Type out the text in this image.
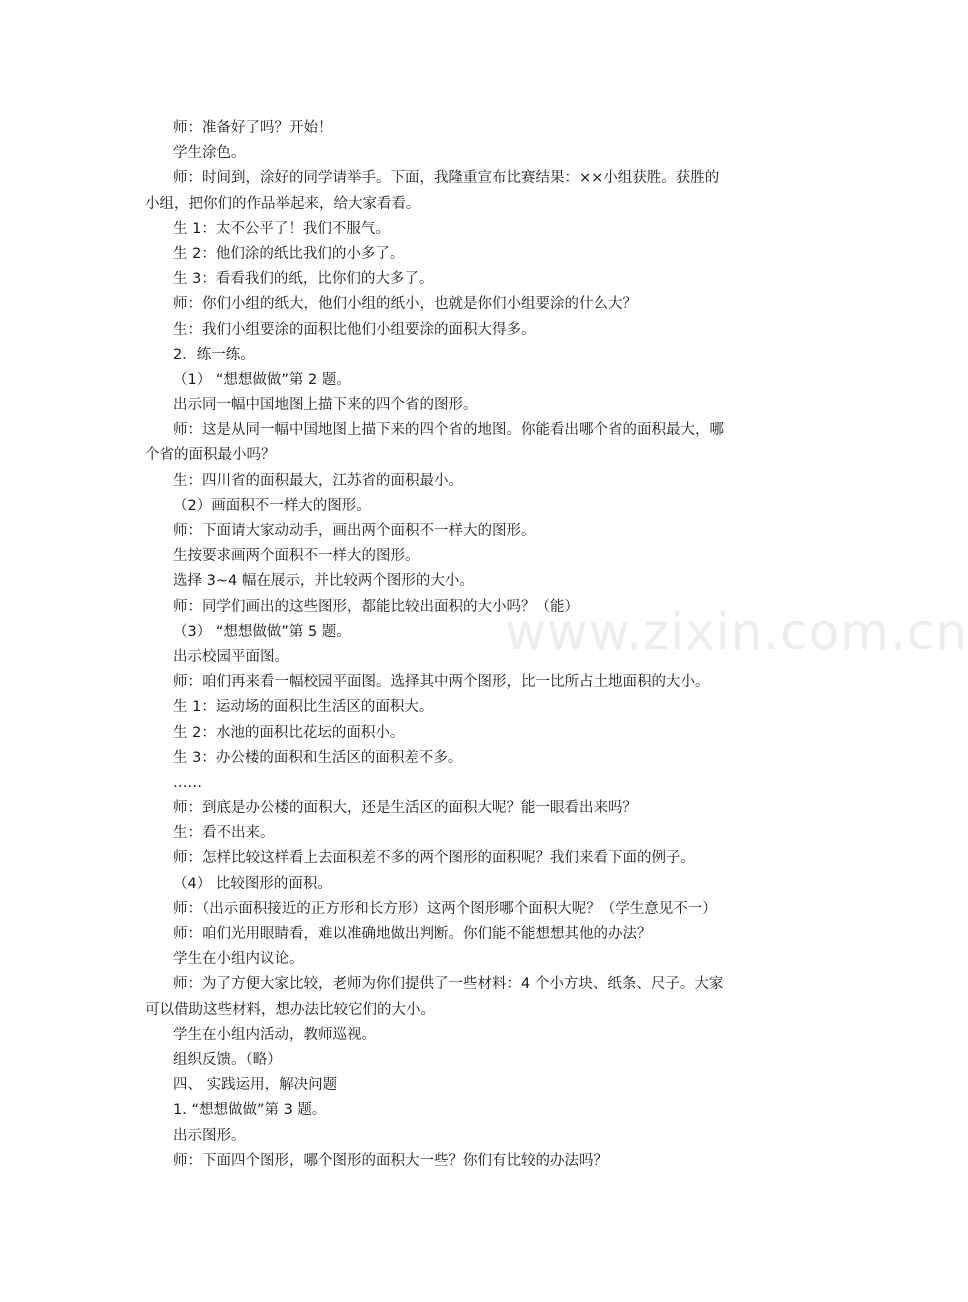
师：准备好了吗？开始！
学生涂色。
师：时间到，涂好的同学请举手。下面，我隆重宣布比赛结果：××小组获胜。获胜的
小组，把你们的作品举起来，给大家看看。
生 1：太不公平了！我们不服气。
生 2：他们涂的纸比我们的小多了。
生 3：看看我们的纸，比你们的大多了。
师：你们小组的纸大，他们小组的纸小，也就是你们小组要涂的什么大？
生：我们小组要涂的面积比他们小组要涂的面积大得多。
2．练一练。
（1） “想想做做”第 2 题。
出示同一幅中国地图上描下来的四个省的图形。
师：这是从同一幅中国地图上描下来的四个省的地图。你能看出哪个省的面积最大，哪
个省的面积最小吗？
生：四川省的面积最大，江苏省的面积最小。
（2）画面积不一样大的图形。
师：下面请大家动动手，画出两个面积不一样大的图形。
生按要求画两个面积不一样大的图形。
选择 3~4 幅在展示，并比较两个图形的大小。
师：同学们画出的这些图形，都能比较出面积的大小吗？（能）
（3） “想想做做”第 5 题。
出示校园平面图。
师：咱们再来看一幅校园平面图。选择其中两个图形，比一比所占土地面积的大小。
生 1：运动场的面积比生活区的面积大。
生 2：水池的面积比花坛的面积小。
生 3：办公楼的面积和生活区的面积差不多。
……
师：到底是办公楼的面积大，还是生活区的面积大呢？能一眼看出来吗？
生：看不出来。
师：怎样比较这样看上去面积差不多的两个图形的面积呢？我们来看下面的例子。
（4） 比较图形的面积。
师：（出示面积接近的正方形和长方形）这两个图形哪个面积大呢？（学生意见不一）
师：咱们光用眼睛看，难以准确地做出判断。你们能不能想想其他的办法？
学生在小组内议论。
师：为了方便大家比较，老师为你们提供了一些材料：4 个小方块、纸条、尺子。大家
可以借助这些材料，想办法比较它们的大小。
学生在小组内活动，教师巡视。
组织反馈。（略）
四、 实践运用，解决问题
1. “想想做做”第 3 题。
出示图形。
师：下面四个图形，哪个图形的面积大一些？你们有比较的办法吗？
www.zixin.com.cn
